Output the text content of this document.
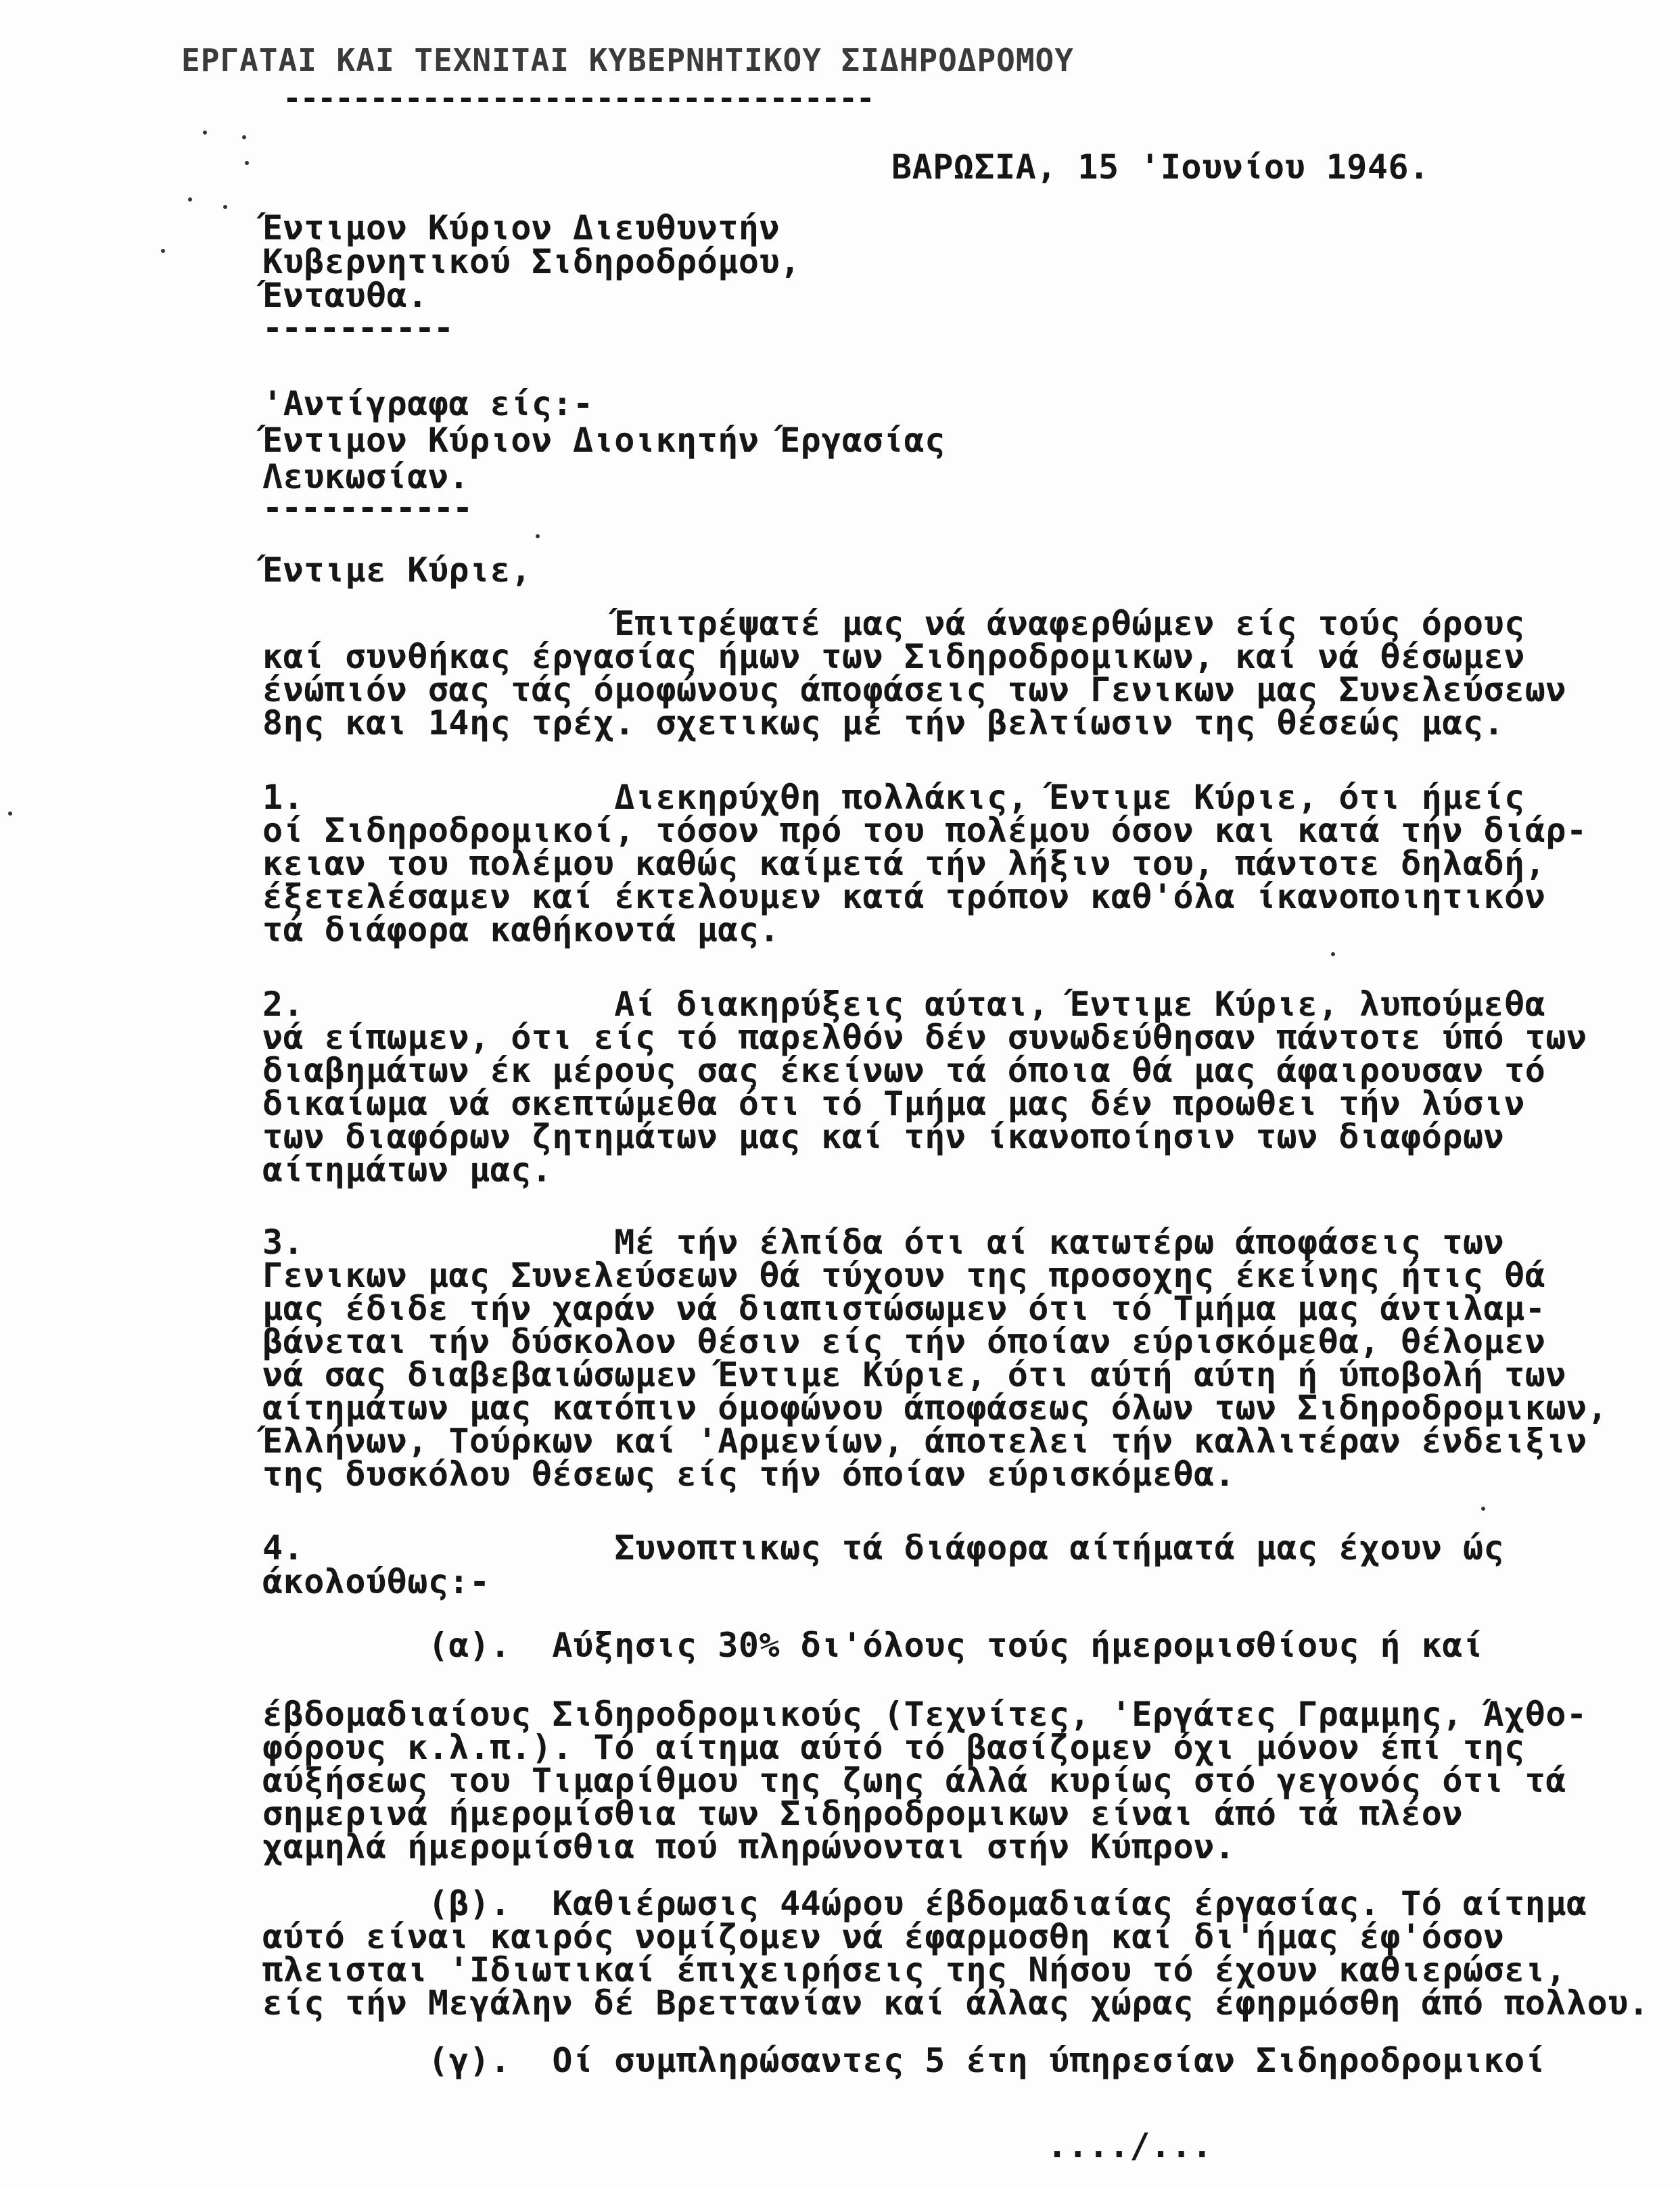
ΕΡΓΑΤΑΙ ΚΑΙ ΤΕΧΝΙΤΑΙ ΚΥΒΕΡΝΗΤΙΚΟΥ ΣΙΔΗΡΟΔΡΟΜΟΥ
----------------------------------
ΒΑΡΩΣΙΑ, 15 'Ιουνίου 1946.
Έντιμον Κύριον Διευθυντήν
Κυβερνητικού Σιδηροδρόμου,
Ένταυθα.
----------
'Αντίγραφα είς:-
Έντιμον Κύριον Διοικητήν Έργασίας
Λευκωσίαν.
-----------
Έντιμε Κύριε,
Έπιτρέψατέ μας νά άναφερθώμεν είς τούς όρους
καί συνθήκας έργασίας ήμων των Σιδηροδρομικων, καί νά θέσωμεν
ένώπιόν σας τάς όμοφώνους άποφάσεις των Γενικων μας Συνελεύσεων
8ης και 14ης τρέχ. σχετικως μέ τήν βελτίωσιν της θέσεώς μας.
1.               Διεκηρύχθη πολλάκις, Έντιμε Κύριε, ότι ήμείς
οί Σιδηροδρομικοί, τόσον πρό του πολέμου όσον και κατά τήν διάρ-
κειαν του πολέμου καθώς καίμετά τήν λήξιν του, πάντοτε δηλαδή,
έξετελέσαμεν καί έκτελουμεν κατά τρόπον καθ'όλα ίκανοποιητικόν
τά διάφορα καθήκοντά μας.
2.               Αί διακηρύξεις αύται, Έντιμε Κύριε, λυπούμεθα
νά είπωμεν, ότι είς τό παρελθόν δέν συνωδεύθησαν πάντοτε ύπό των
διαβημάτων έκ μέρους σας έκείνων τά όποια θά μας άφαιρουσαν τό
δικαίωμα νά σκεπτώμεθα ότι τό Τμήμα μας δέν προωθει τήν λύσιν
των διαφόρων ζητημάτων μας καί τήν ίκανοποίησιν των διαφόρων
αίτημάτων μας.
3.               Μέ τήν έλπίδα ότι αί κατωτέρω άποφάσεις των
Γενικων μας Συνελεύσεων θά τύχουν της προσοχης έκείνης ήτις θά
μας έδιδε τήν χαράν νά διαπιστώσωμεν ότι τό Τμήμα μας άντιλαμ-
βάνεται τήν δύσκολον θέσιν είς τήν όποίαν εύρισκόμεθα, θέλομεν
νά σας διαβεβαιώσωμεν Έντιμε Κύριε, ότι αύτή αύτη ή ύποβολή των
αίτημάτων μας κατόπιν όμοφώνου άποφάσεως όλων των Σιδηροδρομικων,
Έλλήνων, Τούρκων καί 'Αρμενίων, άποτελει τήν καλλιτέραν ένδειξιν
της δυσκόλου θέσεως είς τήν όποίαν εύρισκόμεθα.
4.               Συνοπτικως τά διάφορα αίτήματά μας έχουν ώς
άκολούθως:-
(α).  Αύξησις 30% δι'όλους τούς ήμερομισθίους ή καί
έβδομαδιαίους Σιδηροδρομικούς (Τεχνίτες, 'Εργάτες Γραμμης, Άχθο-
φόρους κ.λ.π.). Τό αίτημα αύτό τό βασίζομεν όχι μόνον έπί της
αύξήσεως του Τιμαρίθμου της ζωης άλλά κυρίως στό γεγονός ότι τά
σημερινά ήμερομίσθια των Σιδηροδρομικων είναι άπό τά πλέον
χαμηλά ήμερομίσθια πού πληρώνονται στήν Κύπρον.
(β).  Καθιέρωσις 44ώρου έβδομαδιαίας έργασίας. Τό αίτημα
αύτό είναι καιρός νομίζομεν νά έφαρμοσθη καί δι'ήμας έφ'όσον
πλεισται 'Ιδιωτικαί έπιχειρήσεις της Νήσου τό έχουν καθιερώσει,
είς τήν Μεγάλην δέ Βρεττανίαν καί άλλας χώρας έφηρμόσθη άπό πολλου.
(γ).  Οί συμπληρώσαντες 5 έτη ύπηρεσίαν Σιδηροδρομικοί
..../...
